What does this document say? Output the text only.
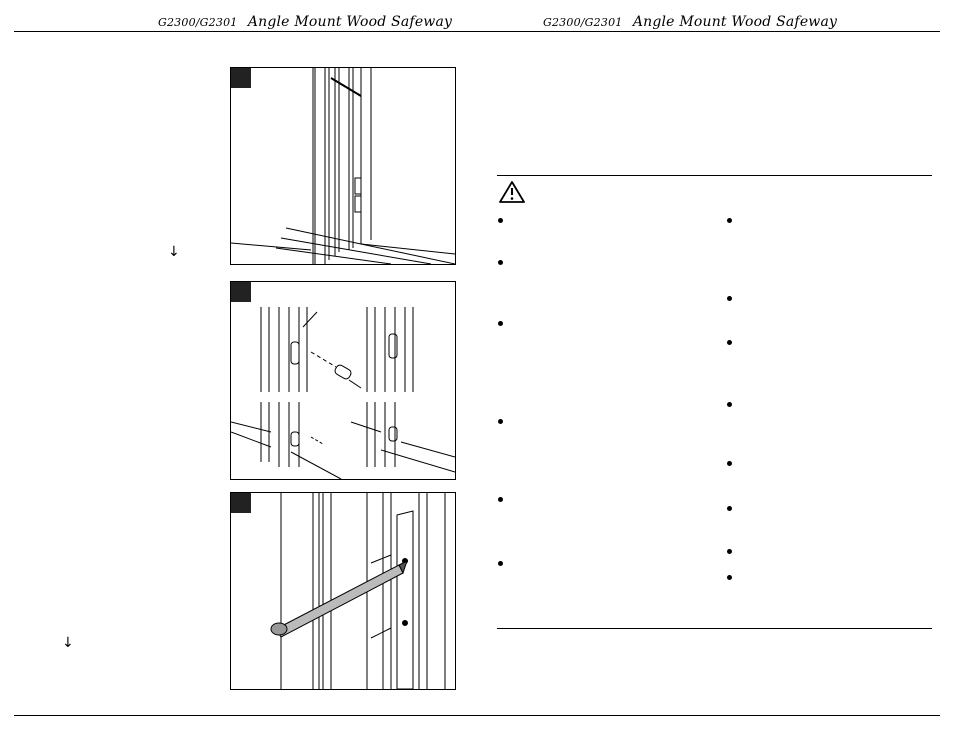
G2300/G2301 Angle Mount Wood Safeway	G2300/G2301 Angle Mount Wood Safeway
↓
↓
